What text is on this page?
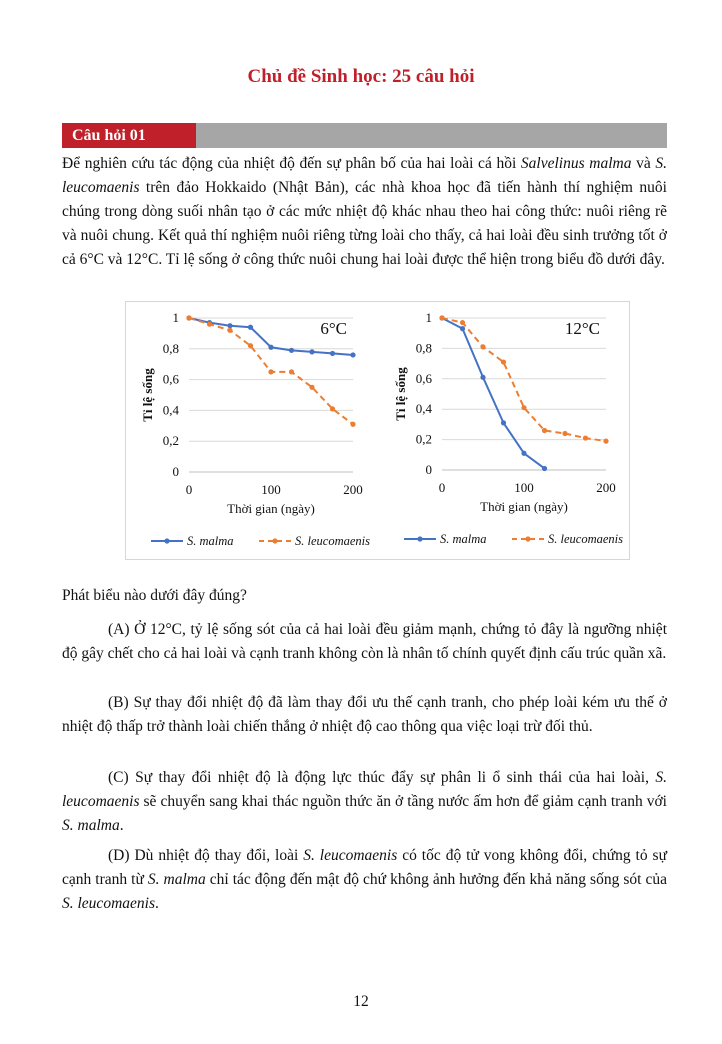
Chủ đề Sinh học: 25 câu hỏi
Câu hỏi 01

Để nghiên cứu tác động của nhiệt độ đến sự phân bố của hai loài cá hồi Salvelinus malma và S. leucomaenis trên đảo Hokkaido (Nhật Bản), các nhà khoa học đã tiến hành thí nghiệm nuôi chúng trong dòng suối nhân tạo ở các mức nhiệt độ khác nhau theo hai công thức: nuôi riêng rẽ và nuôi chung. Kết quả thí nghiệm nuôi riêng từng loài cho thấy, cả hai loài đều sinh trưởng tốt ở cả 6°C và 12°C. Tỉ lệ sống ở công thức nuôi chung hai loài được thể hiện trong biểu đồ dưới đây.

0
0,2
0,4
0,6
0,8
1
0	100	200
Thời gian (ngày)
Tỉ lệ sống
6°C
S. malma	S. leucomaenis
0
0,2
0,4
0,6
0,8
1
0	100	200
Thời gian (ngày)
Tỉ lệ sống
12°C
S. malma	S. leucomaenis

Phát biểu nào dưới đây đúng?

(A) Ở 12°C, tỷ lệ sống sót của cả hai loài đều giảm mạnh, chứng tỏ đây là ngưỡng nhiệt độ gây chết cho cả hai loài và cạnh tranh không còn là nhân tố chính quyết định cấu trúc quần xã.

(B) Sự thay đổi nhiệt độ đã làm thay đổi ưu thế cạnh tranh, cho phép loài kém ưu thế ở nhiệt độ thấp trở thành loài chiến thắng ở nhiệt độ cao thông qua việc loại trừ đối thủ.

(C) Sự thay đổi nhiệt độ là động lực thúc đẩy sự phân li ổ sinh thái của hai loài, S. leucomaenis sẽ chuyển sang khai thác nguồn thức ăn ở tầng nước ấm hơn để giảm cạnh tranh với S. malma.

(D) Dù nhiệt độ thay đổi, loài S. leucomaenis có tốc độ tử vong không đổi, chứng tỏ sự cạnh tranh từ S. malma chỉ tác động đến mật độ chứ không ảnh hưởng đến khả năng sống sót của S. leucomaenis.

12
